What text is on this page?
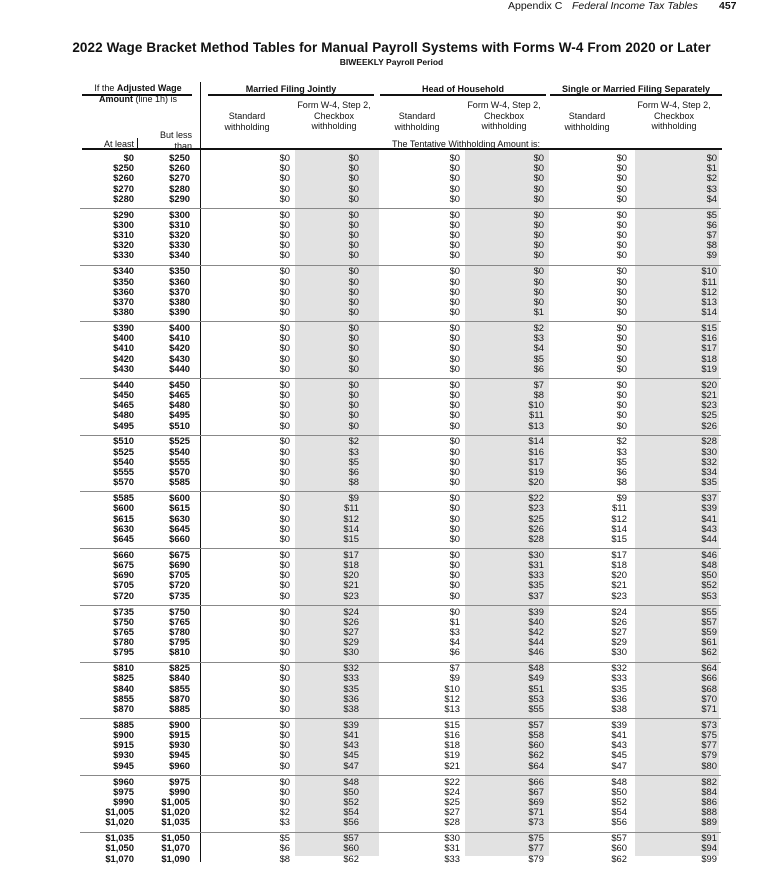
Appendix C Federal Income Tax Tables 457
2022 Wage Bracket Method Tables for Manual Payroll Systems with Forms W-4 From 2020 or Later
BIWEEKLY Payroll Period
If the Adjusted Wage
Amount (line 1h) is
But less
than
At least
Married Filing Jointly	Head of Household	Single or Married Filing Separately
Standard
withholding
Form W-4, Step 2,
Checkbox
withholding
Standard
withholding
Form W-4, Step 2,
Checkbox
withholding
Standard
withholding
Form W-4, Step 2,
Checkbox
withholding
The Tentative Withholding Amount is:
$0	$250	$0	$0	$0	$0	$0	$0
$250	$260	$0	$0	$0	$0	$0	$1
$260	$270	$0	$0	$0	$0	$0	$2
$270	$280	$0	$0	$0	$0	$0	$3
$280	$290	$0	$0	$0	$0	$0	$4
$290	$300	$0	$0	$0	$0	$0	$5
$300	$310	$0	$0	$0	$0	$0	$6
$310	$320	$0	$0	$0	$0	$0	$7
$320	$330	$0	$0	$0	$0	$0	$8
$330	$340	$0	$0	$0	$0	$0	$9
$340	$350	$0	$0	$0	$0	$0	$10
$350	$360	$0	$0	$0	$0	$0	$11
$360	$370	$0	$0	$0	$0	$0	$12
$370	$380	$0	$0	$0	$0	$0	$13
$380	$390	$0	$0	$0	$1	$0	$14
$390	$400	$0	$0	$0	$2	$0	$15
$400	$410	$0	$0	$0	$3	$0	$16
$410	$420	$0	$0	$0	$4	$0	$17
$420	$430	$0	$0	$0	$5	$0	$18
$430	$440	$0	$0	$0	$6	$0	$19
$440	$450	$0	$0	$0	$7	$0	$20
$450	$465	$0	$0	$0	$8	$0	$21
$465	$480	$0	$0	$0	$10	$0	$23
$480	$495	$0	$0	$0	$11	$0	$25
$495	$510	$0	$0	$0	$13	$0	$26
$510	$525	$0	$2	$0	$14	$2	$28
$525	$540	$0	$3	$0	$16	$3	$30
$540	$555	$0	$5	$0	$17	$5	$32
$555	$570	$0	$6	$0	$19	$6	$34
$570	$585	$0	$8	$0	$20	$8	$35
$585	$600	$0	$9	$0	$22	$9	$37
$600	$615	$0	$11	$0	$23	$11	$39
$615	$630	$0	$12	$0	$25	$12	$41
$630	$645	$0	$14	$0	$26	$14	$43
$645	$660	$0	$15	$0	$28	$15	$44
$660	$675	$0	$17	$0	$30	$17	$46
$675	$690	$0	$18	$0	$31	$18	$48
$690	$705	$0	$20	$0	$33	$20	$50
$705	$720	$0	$21	$0	$35	$21	$52
$720	$735	$0	$23	$0	$37	$23	$53
$735	$750	$0	$24	$0	$39	$24	$55
$750	$765	$0	$26	$1	$40	$26	$57
$765	$780	$0	$27	$3	$42	$27	$59
$780	$795	$0	$29	$4	$44	$29	$61
$795	$810	$0	$30	$6	$46	$30	$62
$810	$825	$0	$32	$7	$48	$32	$64
$825	$840	$0	$33	$9	$49	$33	$66
$840	$855	$0	$35	$10	$51	$35	$68
$855	$870	$0	$36	$12	$53	$36	$70
$870	$885	$0	$38	$13	$55	$38	$71
$885	$900	$0	$39	$15	$57	$39	$73
$900	$915	$0	$41	$16	$58	$41	$75
$915	$930	$0	$43	$18	$60	$43	$77
$930	$945	$0	$45	$19	$62	$45	$79
$945	$960	$0	$47	$21	$64	$47	$80
$960	$975	$0	$48	$22	$66	$48	$82
$975	$990	$0	$50	$24	$67	$50	$84
$990	$1,005	$0	$52	$25	$69	$52	$86
$1,005	$1,020	$2	$54	$27	$71	$54	$88
$1,020	$1,035	$3	$56	$28	$73	$56	$89
$1,035	$1,050	$5	$57	$30	$75	$57	$91
$1,050	$1,070	$6	$60	$31	$77	$60	$94
$1,070	$1,090	$8	$62	$33	$79	$62	$99
